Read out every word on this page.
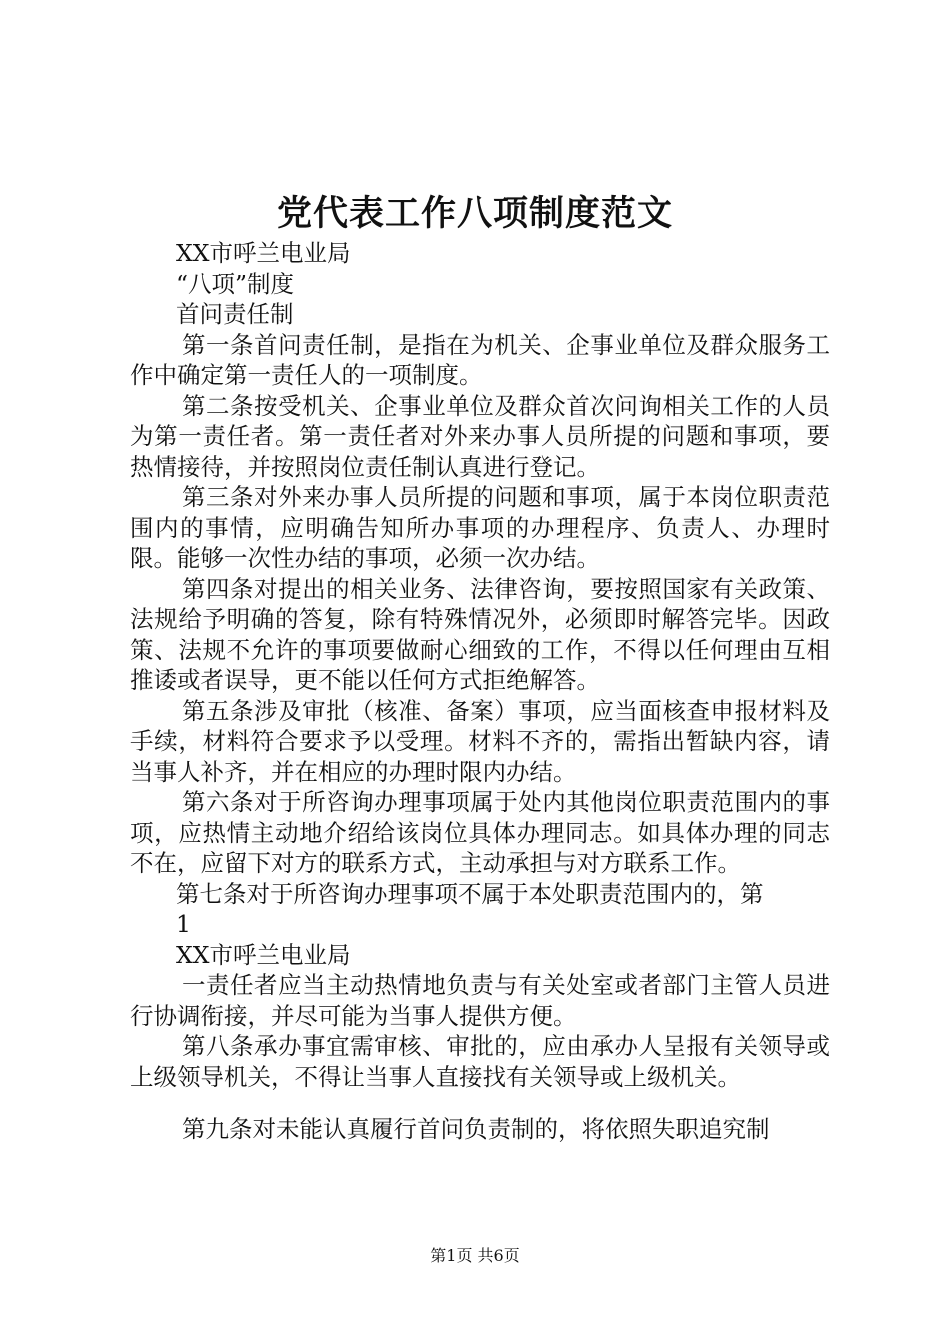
党代表工作八项制度范文

XX市呼兰电业局

“八项”制度

首问责任制

第一条首问责任制，是指在为机关、企事业单位及群众服务工作中确定第一责任人的一项制度。

第二条按受机关、企事业单位及群众首次问询相关工作的人员为第一责任者。第一责任者对外来办事人员所提的问题和事项，要热情接待，并按照岗位责任制认真进行登记。

第三条对外来办事人员所提的问题和事项，属于本岗位职责范围内的事情，应明确告知所办事项的办理程序、负责人、办理时限。能够一次性办结的事项，必须一次办结。

第四条对提出的相关业务、法律咨询，要按照国家有关政策、法规给予明确的答复，除有特殊情况外，必须即时解答完毕。因政策、法规不允许的事项要做耐心细致的工作，不得以任何理由互相推诿或者误导，更不能以任何方式拒绝解答。

第五条涉及审批（核准、备案）事项，应当面核查申报材料及手续，材料符合要求予以受理。材料不齐的，需指出暂缺内容，请当事人补齐，并在相应的办理时限内办结。

第六条对于所咨询办理事项属于处内其他岗位职责范围内的事项，应热情主动地介绍给该岗位具体办理同志。如具体办理的同志不在，应留下对方的联系方式，主动承担与对方联系工作。

第七条对于所咨询办理事项不属于本处职责范围内的，第

1

XX市呼兰电业局

一责任者应当主动热情地负责与有关处室或者部门主管人员进行协调衔接，并尽可能为当事人提供方便。

第八条承办事宜需审核、审批的，应由承办人呈报有关领导或上级领导机关，不得让当事人直接找有关领导或上级机关。

第九条对未能认真履行首问负责制的，将依照失职追究制

第1页 共6页
